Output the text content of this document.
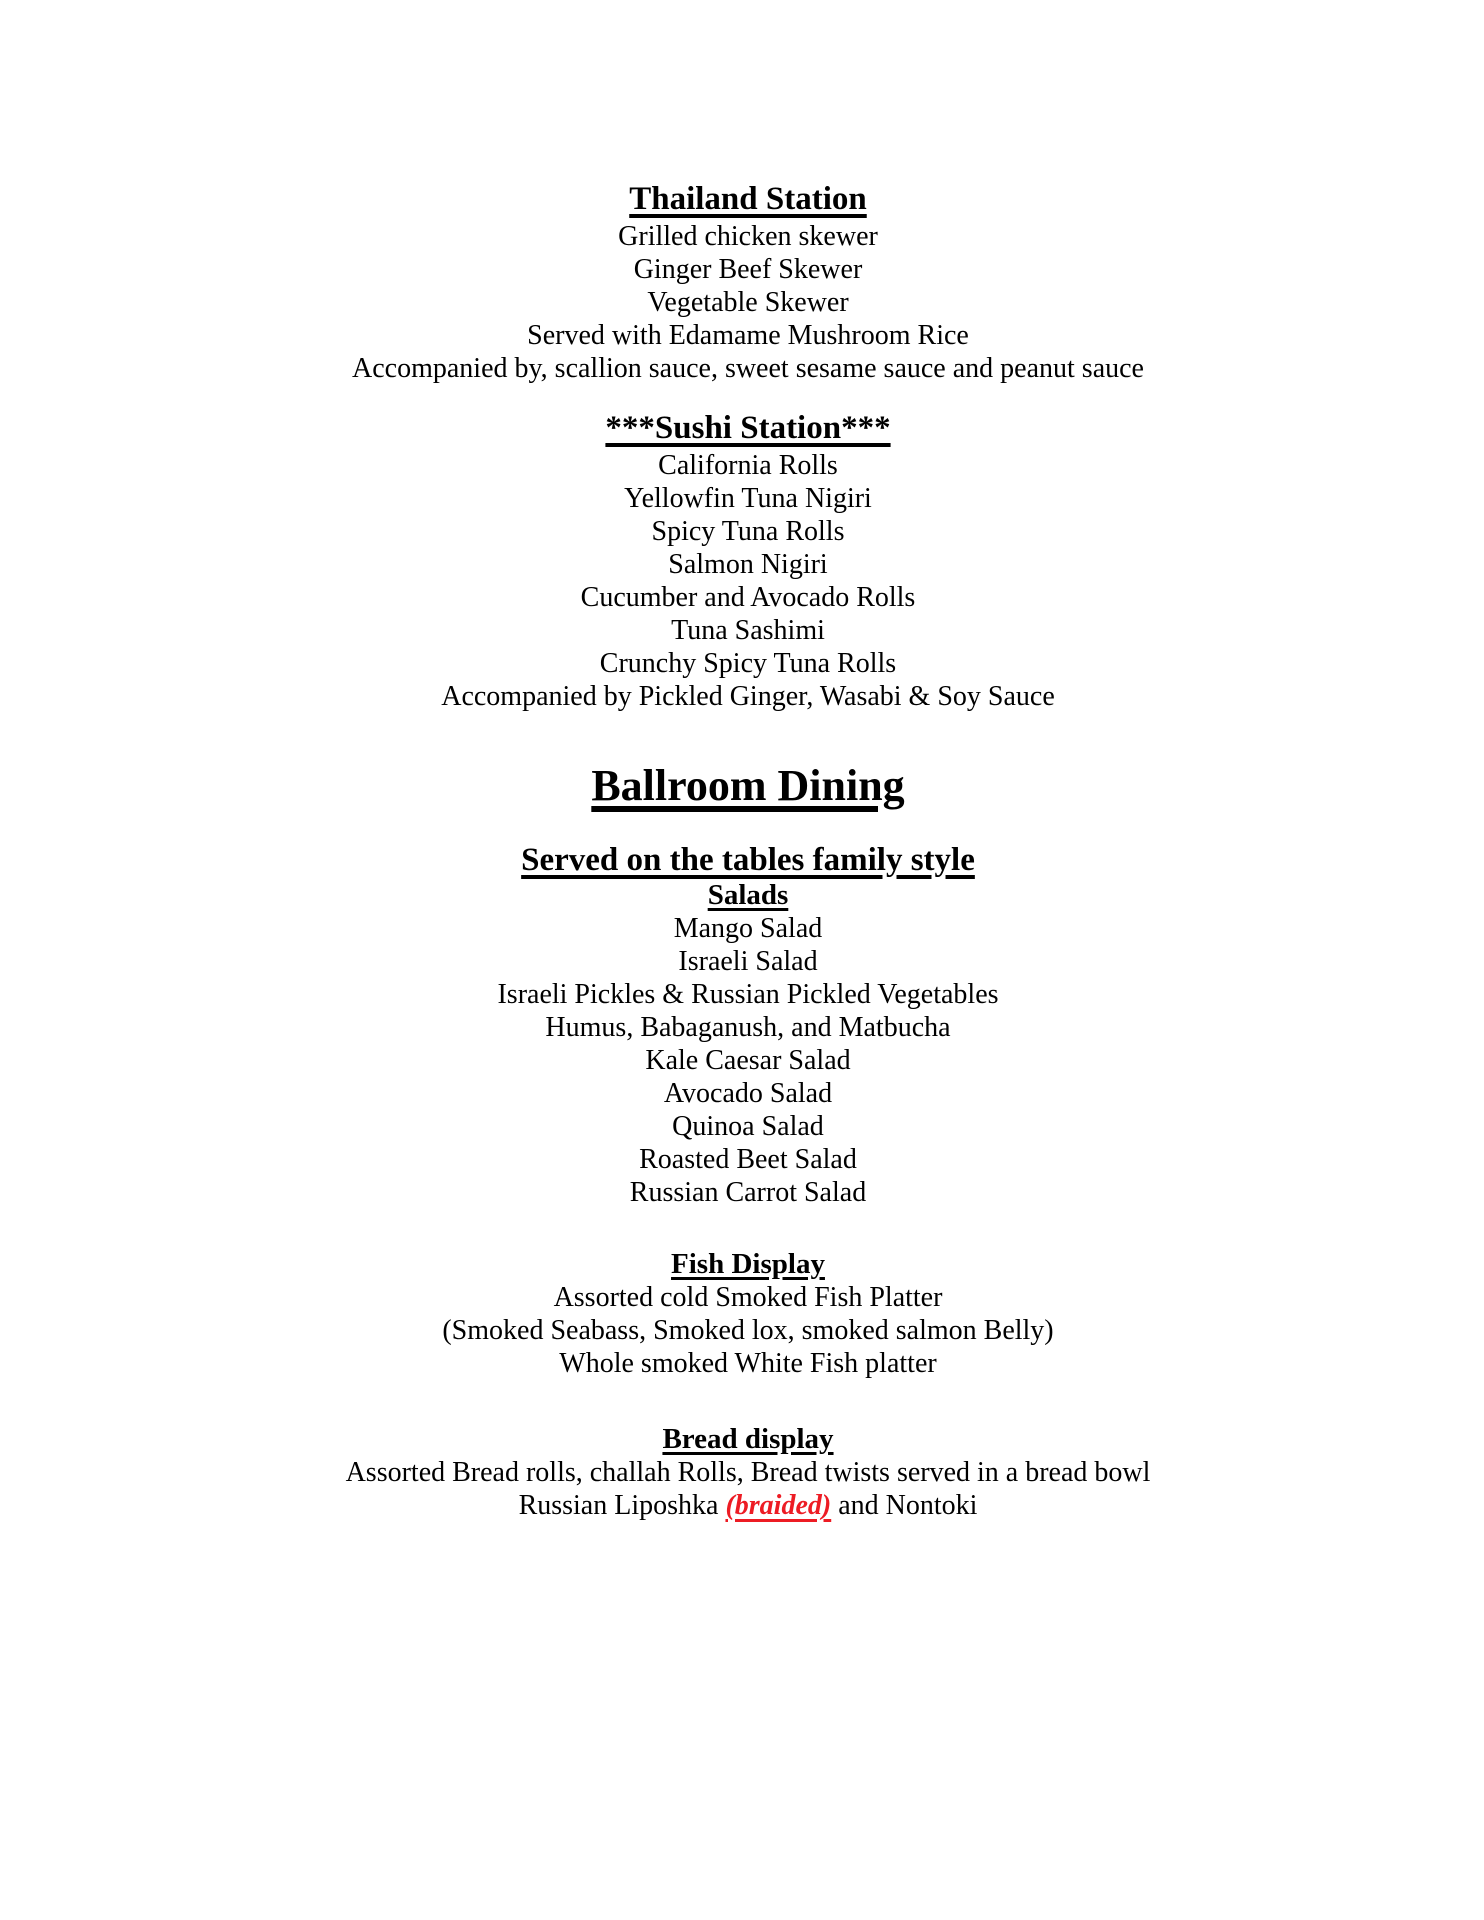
Thailand Station
Grilled chicken skewer
Ginger Beef Skewer
Vegetable Skewer
Served with Edamame Mushroom Rice
Accompanied by, scallion sauce, sweet sesame sauce and peanut sauce
***Sushi Station***
California Rolls
Yellowfin Tuna Nigiri
Spicy Tuna Rolls
Salmon Nigiri
Cucumber and Avocado Rolls
Tuna Sashimi
Crunchy Spicy Tuna Rolls
Accompanied by Pickled Ginger, Wasabi & Soy Sauce
Ballroom Dining
Served on the tables family style
Salads
Mango Salad
Israeli Salad
Israeli Pickles & Russian Pickled Vegetables
Humus, Babaganush, and Matbucha
Kale Caesar Salad
Avocado Salad
Quinoa Salad
Roasted Beet Salad
Russian Carrot Salad
Fish Display
Assorted cold Smoked Fish Platter
(Smoked Seabass, Smoked lox, smoked salmon Belly)
Whole smoked White Fish platter
Bread display
Assorted Bread rolls, challah Rolls, Bread twists served in a bread bowl
Russian Liposhka (braided) and Nontoki
